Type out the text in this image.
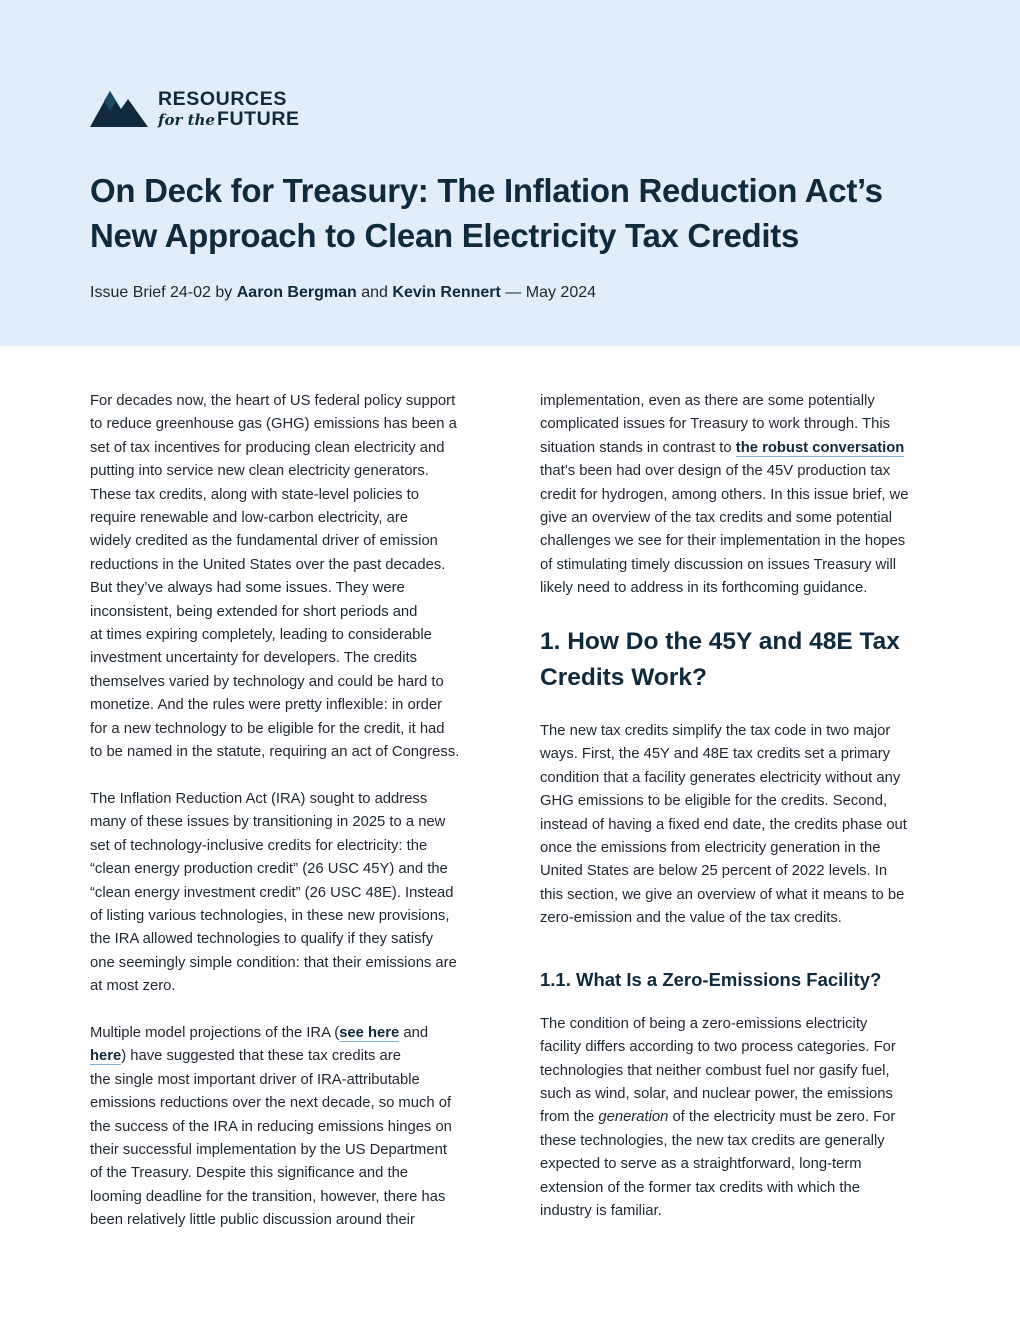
RESOURCES
for the FUTURE
On Deck for Treasury: The Inflation Reduction Act’s
New Approach to Clean Electricity Tax Credits

Issue Brief 24-02 by Aaron Bergman and Kevin Rennert — May 2024

For decades now, the heart of US federal policy support
to reduce greenhouse gas (GHG) emissions has been a
set of tax incentives for producing clean electricity and
putting into service new clean electricity generators.
These tax credits, along with state-level policies to
require renewable and low-carbon electricity, are
widely credited as the fundamental driver of emission
reductions in the United States over the past decades.
But they’ve always had some issues. They were
inconsistent, being extended for short periods and
at times expiring completely, leading to considerable
investment uncertainty for developers. The credits
themselves varied by technology and could be hard to
monetize. And the rules were pretty inflexible: in order
for a new technology to be eligible for the credit, it had
to be named in the statute, requiring an act of Congress.

The Inflation Reduction Act (IRA) sought to address
many of these issues by transitioning in 2025 to a new
set of technology-inclusive credits for electricity: the
“clean energy production credit” (26 USC 45Y) and the
“clean energy investment credit” (26 USC 48E). Instead
of listing various technologies, in these new provisions,
the IRA allowed technologies to qualify if they satisfy
one seemingly simple condition: that their emissions are
at most zero.

Multiple model projections of the IRA (see here and
here) have suggested that these tax credits are
the single most important driver of IRA-attributable
emissions reductions over the next decade, so much of
the success of the IRA in reducing emissions hinges on
their successful implementation by the US Department
of the Treasury. Despite this significance and the
looming deadline for the transition, however, there has
been relatively little public discussion around their

implementation, even as there are some potentially
complicated issues for Treasury to work through. This
situation stands in contrast to the robust conversation
that’s been had over design of the 45V production tax
credit for hydrogen, among others. In this issue brief, we
give an overview of the tax credits and some potential
challenges we see for their implementation in the hopes
of stimulating timely discussion on issues Treasury will
likely need to address in its forthcoming guidance.

1. How Do the 45Y and 48E Tax
Credits Work?

The new tax credits simplify the tax code in two major
ways. First, the 45Y and 48E tax credits set a primary
condition that a facility generates electricity without any
GHG emissions to be eligible for the credits. Second,
instead of having a fixed end date, the credits phase out
once the emissions from electricity generation in the
United States are below 25 percent of 2022 levels. In
this section, we give an overview of what it means to be
zero-emission and the value of the tax credits.

1.1. What Is a Zero-Emissions Facility?

The condition of being a zero-emissions electricity
facility differs according to two process categories. For
technologies that neither combust fuel nor gasify fuel,
such as wind, solar, and nuclear power, the emissions
from the generation of the electricity must be zero. For
these technologies, the new tax credits are generally
expected to serve as a straightforward, long-term
extension of the former tax credits with which the
industry is familiar.
